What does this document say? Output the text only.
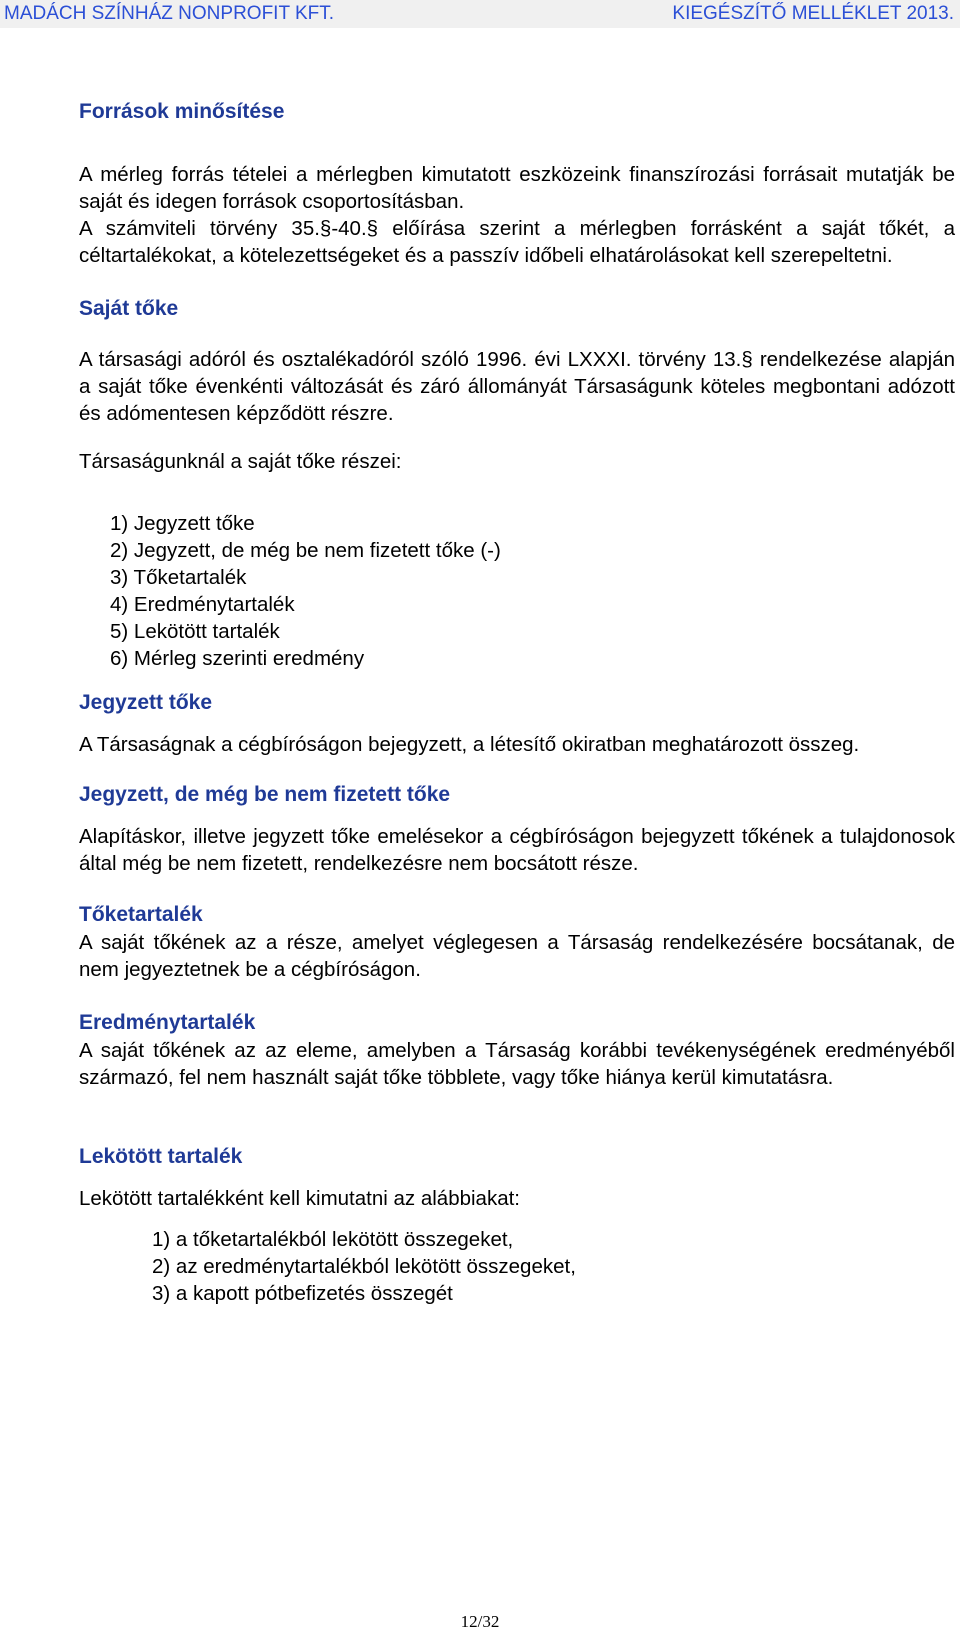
MADÁCH SZÍNHÁZ NONPROFIT KFT.	KIEGÉSZÍTŐ MELLÉKLET 2013.

Források minősítése

A mérleg forrás tételei a mérlegben kimutatott eszközeink finanszírozási forrásait mutatják be saját és idegen források csoportosításban.

A számviteli törvény 35.§-40.§ előírása szerint a mérlegben forrásként a saját tőkét, a céltartalékokat, a kötelezettségeket és a passzív időbeli elhatárolásokat kell szerepeltetni.

Saját tőke

A társasági adóról és osztalékadóról szóló 1996. évi LXXXI. törvény 13.§ rendelkezése alapján a saját tőke évenkénti változását és záró állományát Társaságunk köteles megbontani adózott és adómentesen képződött részre.

Társaságunknál a saját tőke részei:

1) Jegyzett tőke

2) Jegyzett, de még be nem fizetett tőke (-)

3) Tőketartalék

4) Eredménytartalék

5) Lekötött tartalék

6) Mérleg szerinti eredmény

Jegyzett tőke

A Társaságnak a cégbíróságon bejegyzett, a létesítő okiratban meghatározott összeg.

Jegyzett, de még be nem fizetett tőke

Alapításkor, illetve jegyzett tőke emelésekor a cégbíróságon bejegyzett tőkének a tulajdonosok által még be nem fizetett, rendelkezésre nem bocsátott része.

Tőketartalék

A saját tőkének az a része, amelyet véglegesen a Társaság rendelkezésére bocsátanak, de nem jegyeztetnek be a cégbíróságon.

Eredménytartalék

A saját tőkének az az eleme, amelyben a Társaság korábbi tevékenységének eredményéből származó, fel nem használt saját tőke többlete, vagy tőke hiánya kerül kimutatásra.

Lekötött tartalék

Lekötött tartalékként kell kimutatni az alábbiakat:

1) a tőketartalékból lekötött összegeket,

2) az eredménytartalékból lekötött összegeket,

3) a kapott pótbefizetés összegét

12/32
